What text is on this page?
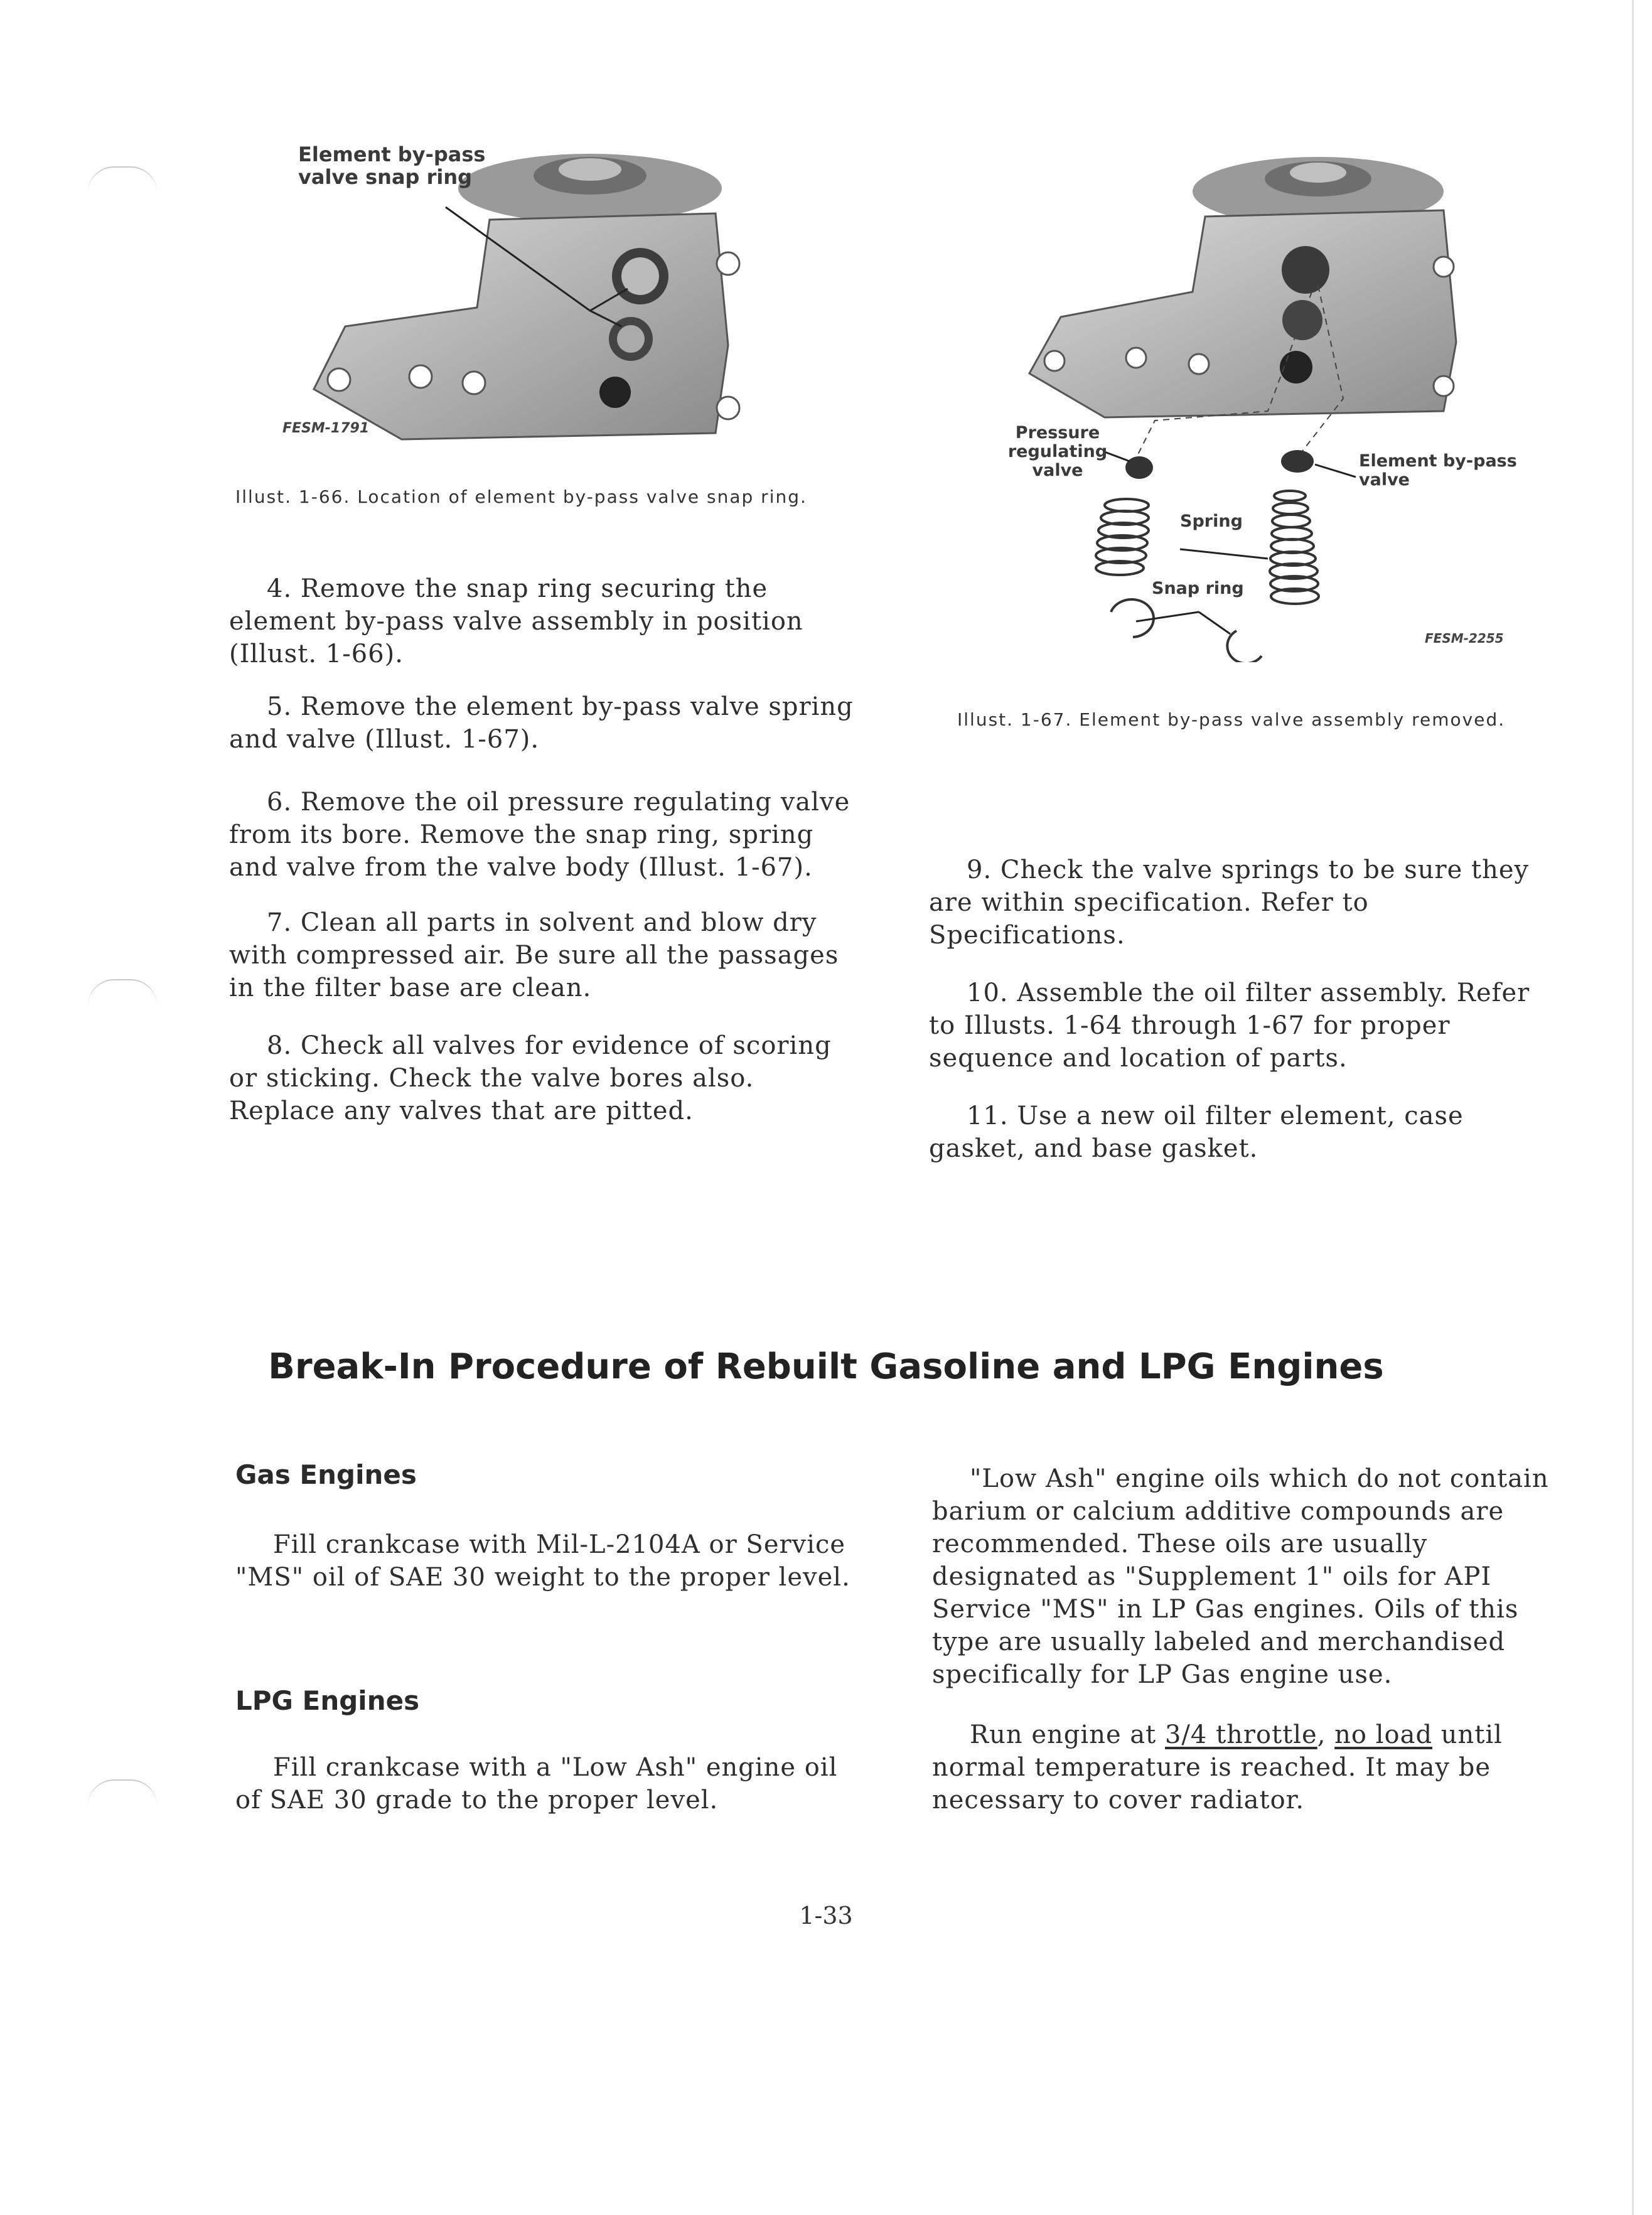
Element by-pass valve snap ring
FESM-1791
Illust. 1-66. Location of element by-pass valve snap ring.
Pressure regulating valve	Element by-pass valve
Spring
Snap ring
FESM-2255
Illust. 1-67. Element by-pass valve assembly removed.

4. Remove the snap ring securing the element by-pass valve assembly in position (Illust. 1-66).

5. Remove the element by-pass valve spring and valve (Illust. 1-67).

6. Remove the oil pressure regulating valve from its bore. Remove the snap ring, spring and valve from the valve body (Illust. 1-67).

7. Clean all parts in solvent and blow dry with compressed air. Be sure all the passages in the filter base are clean.

8. Check all valves for evidence of scoring or sticking. Check the valve bores also. Replace any valves that are pitted.

9. Check the valve springs to be sure they are within specification. Refer to Specifications.

10. Assemble the oil filter assembly. Refer to Illusts. 1-64 through 1-67 for proper sequence and location of parts.

11. Use a new oil filter element, case gasket, and base gasket.

Break-In Procedure of Rebuilt Gasoline and LPG Engines
Gas Engines

Fill crankcase with Mil-L-2104A or Service "MS" oil of SAE 30 weight to the proper level.

LPG Engines

Fill crankcase with a "Low Ash" engine oil of SAE 30 grade to the proper level.

"Low Ash" engine oils which do not contain barium or calcium additive compounds are recommended. These oils are usually designated as "Supplement 1" oils for API Service "MS" in LP Gas engines. Oils of this type are usually labeled and merchandised specifically for LP Gas engine use.

Run engine at 3/4 throttle, no load until normal temperature is reached. It may be necessary to cover radiator.

1-33
